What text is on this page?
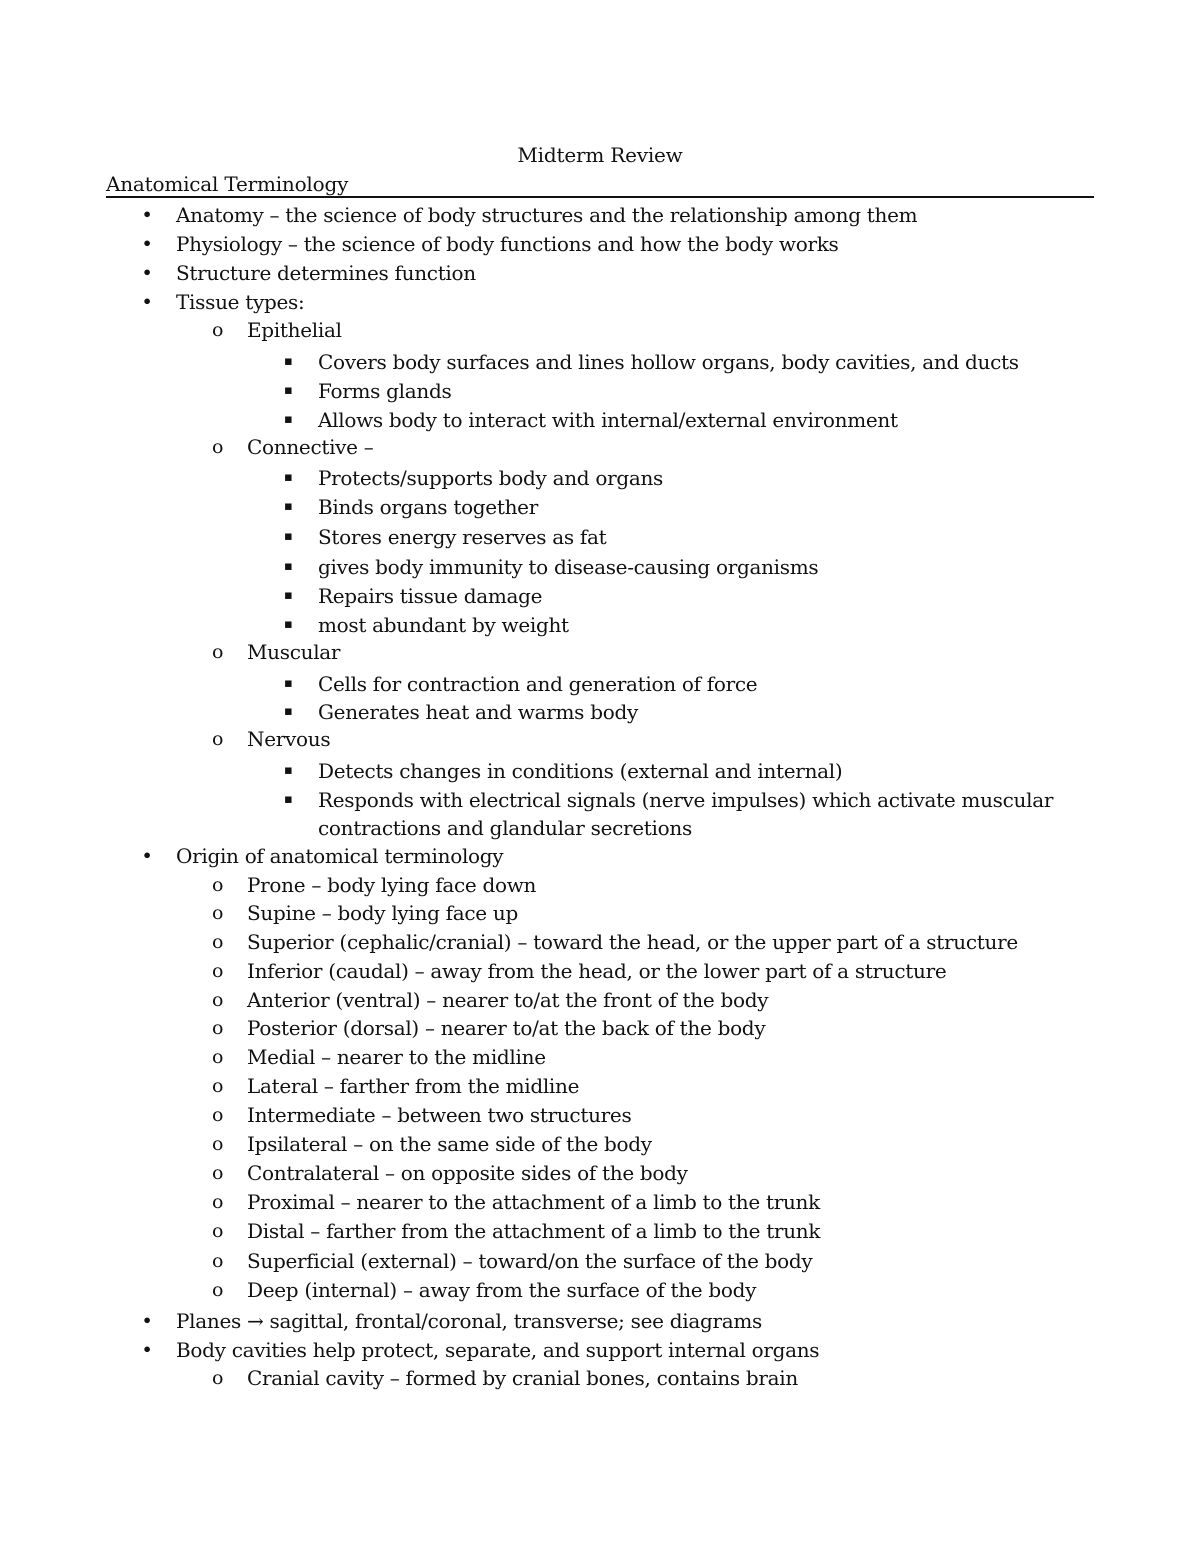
Midterm Review
Anatomical Terminology
• Anatomy – the science of body structures and the relationship among them
• Physiology – the science of body functions and how the body works
• Structure determines function
• Tissue types:
o Epithelial
▪ Covers body surfaces and lines hollow organs, body cavities, and ducts
▪ Forms glands
▪ Allows body to interact with internal/external environment
o Connective –
▪ Protects/supports body and organs
▪ Binds organs together
▪ Stores energy reserves as fat
▪ gives body immunity to disease-causing organisms
▪ Repairs tissue damage
▪ most abundant by weight
o Muscular
▪ Cells for contraction and generation of force
▪ Generates heat and warms body
o Nervous
▪ Detects changes in conditions (external and internal)
▪ Responds with electrical signals (nerve impulses) which activate muscular
contractions and glandular secretions
• Origin of anatomical terminology
o Prone – body lying face down
o Supine – body lying face up
o Superior (cephalic/cranial) – toward the head, or the upper part of a structure
o Inferior (caudal) – away from the head, or the lower part of a structure
o Anterior (ventral) – nearer to/at the front of the body
o Posterior (dorsal) – nearer to/at the back of the body
o Medial – nearer to the midline
o Lateral – farther from the midline
o Intermediate – between two structures
o Ipsilateral – on the same side of the body
o Contralateral – on opposite sides of the body
o Proximal – nearer to the attachment of a limb to the trunk
o Distal – farther from the attachment of a limb to the trunk
o Superficial (external) – toward/on the surface of the body
o Deep (internal) – away from the surface of the body
• Planes → sagittal, frontal/coronal, transverse; see diagrams
• Body cavities help protect, separate, and support internal organs
o Cranial cavity – formed by cranial bones, contains brain
